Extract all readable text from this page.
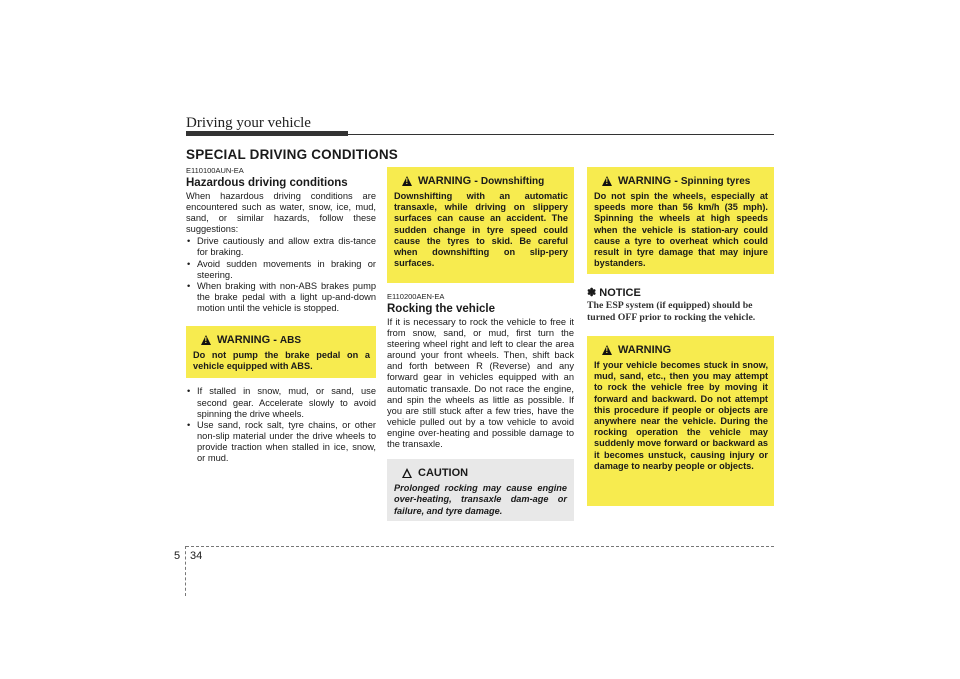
Driving your vehicle
SPECIAL DRIVING CONDITIONS
E110100AUN-EA
Hazardous driving conditions
When hazardous driving conditions are encountered such as water, snow, ice, mud, sand, or similar hazards, follow these suggestions:
• Drive cautiously and allow extra dis-tance for braking.
• Avoid sudden movements in braking or steering.
• When braking with non-ABS brakes pump the brake pedal with a light up-and-down motion until the vehicle is stopped.
!
WARNING - ABS
Do not pump the brake pedal on a vehicle equipped with ABS.
• If stalled in snow, mud, or sand, use second gear. Accelerate slowly to avoid spinning the drive wheels.
• Use sand, rock salt, tyre chains, or other non-slip material under the drive wheels to provide traction when stalled in ice, snow, or mud.
!
WARNING - Downshifting
Downshifting with an automatic transaxle, while driving on slippery surfaces can cause an accident. The sudden change in tyre speed could cause the tyres to skid. Be careful when downshifting on slip-pery surfaces.
E110200AEN-EA
Rocking the vehicle
If it is necessary to rock the vehicle to free it from snow, sand, or mud, first turn the steering wheel right and left to clear the area around your front wheels. Then, shift back and forth between R (Reverse) and any forward gear in vehicles equipped with an automatic transaxle. Do not race the engine, and spin the wheels as little as possible. If you are still stuck after a few tries, have the vehicle pulled out by a tow vehicle to avoid engine over-heating and possible damage to the transaxle.
CAUTION
Prolonged rocking may cause engine over-heating, transaxle dam-age or failure, and tyre damage.
!
WARNING - Spinning tyres
Do not spin the wheels, especially at speeds more than 56 km/h (35 mph). Spinning the wheels at high speeds when the vehicle is station-ary could cause a tyre to overheat which could result in tyre damage that may injure bystanders.
✽ NOTICE
The ESP system (if equipped) should be turned OFF prior to rocking the vehicle.
!
WARNING
If your vehicle becomes stuck in snow, mud, sand, etc., then you may attempt to rock the vehicle free by moving it forward and backward. Do not attempt this procedure if people or objects are anywhere near the vehicle. During the rocking operation the vehicle may suddenly move forward or backward as it becomes unstuck, causing injury or damage to nearby people or objects.
5 34
